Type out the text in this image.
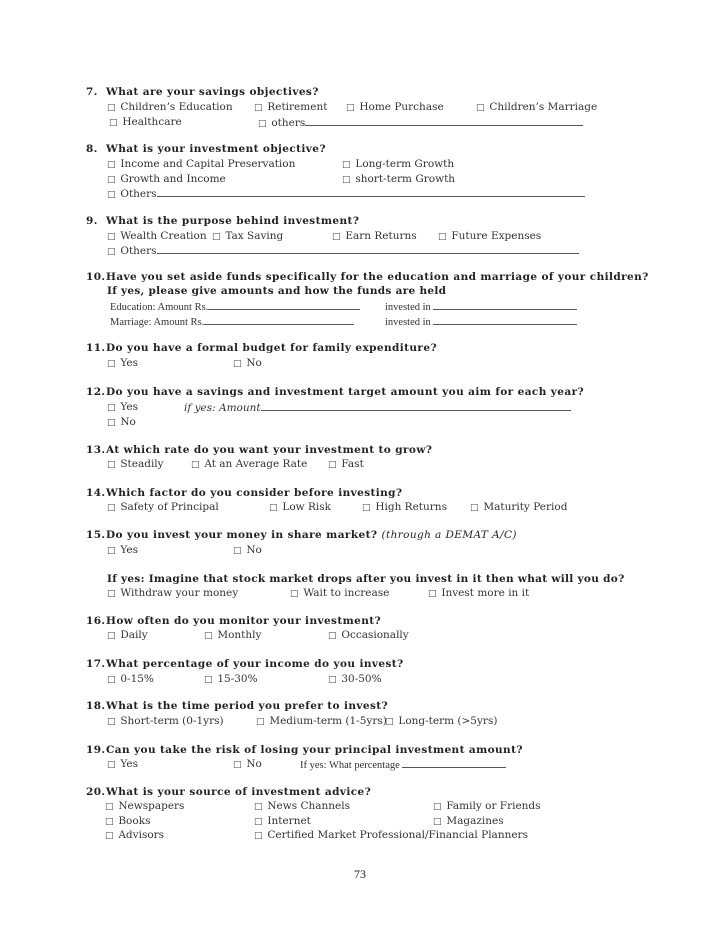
7. What are your savings objectives?
□ Children’s Education □ Retirement □ Home Purchase	□ Children’s Marriage
□ Healthcare	□ others
8. What is your investment objective?
□ Income and Capital Preservation	□ Long-term Growth
□ Growth and Income	□ short-term Growth
□ Others
9. What is the purpose behind investment?
□ Wealth Creation □ Tax Saving	□ Earn Returns □ Future Expenses
□ Others
10.Have you set aside funds specifically for the education and marriage of your children?
If yes, please give amounts and how the funds are held
Education: Amount Rs.	invested in
Marriage: Amount Rs.	invested in
11.Do you have a formal budget for family expenditure?
□ Yes	□ No
12.Do you have a savings and investment target amount you aim for each year?
□ Yes	if yes: Amount
□ No
13.At which rate do you want your investment to grow?
□ Steadily	□ At an Average Rate □ Fast
14.Which factor do you consider before investing?
□ Safety of Principal	□ Low Risk	□ High Returns	□ Maturity Period
15.Do you invest your money in share market? (through a DEMAT A/C)
□ Yes	□ No
If yes: Imagine that stock market drops after you invest in it then what will you do?
□ Withdraw your money	□ Wait to increase	□ Invest more in it
16.How often do you monitor your investment?
□ Daily	□ Monthly	□ Occasionally
17.What percentage of your income do you invest?
□ 0-15%	□ 15-30%	□ 30-50%
18.What is the time period you prefer to invest?
□ Short-term (0-1yrs)	□ Medium-term (1-5yrs)
□ Long-term (>5yrs)
19.Can you take the risk of losing your principal investment amount?
□ Yes	□ No	If yes: What percentage
20.What is your source of investment advice?
□ Newspapers	□ News Channels	□ Family or Friends
□ Books	□ Internet	□ Magazines
□ Advisors	□ Certified Market Professional/Financial Planners
73
